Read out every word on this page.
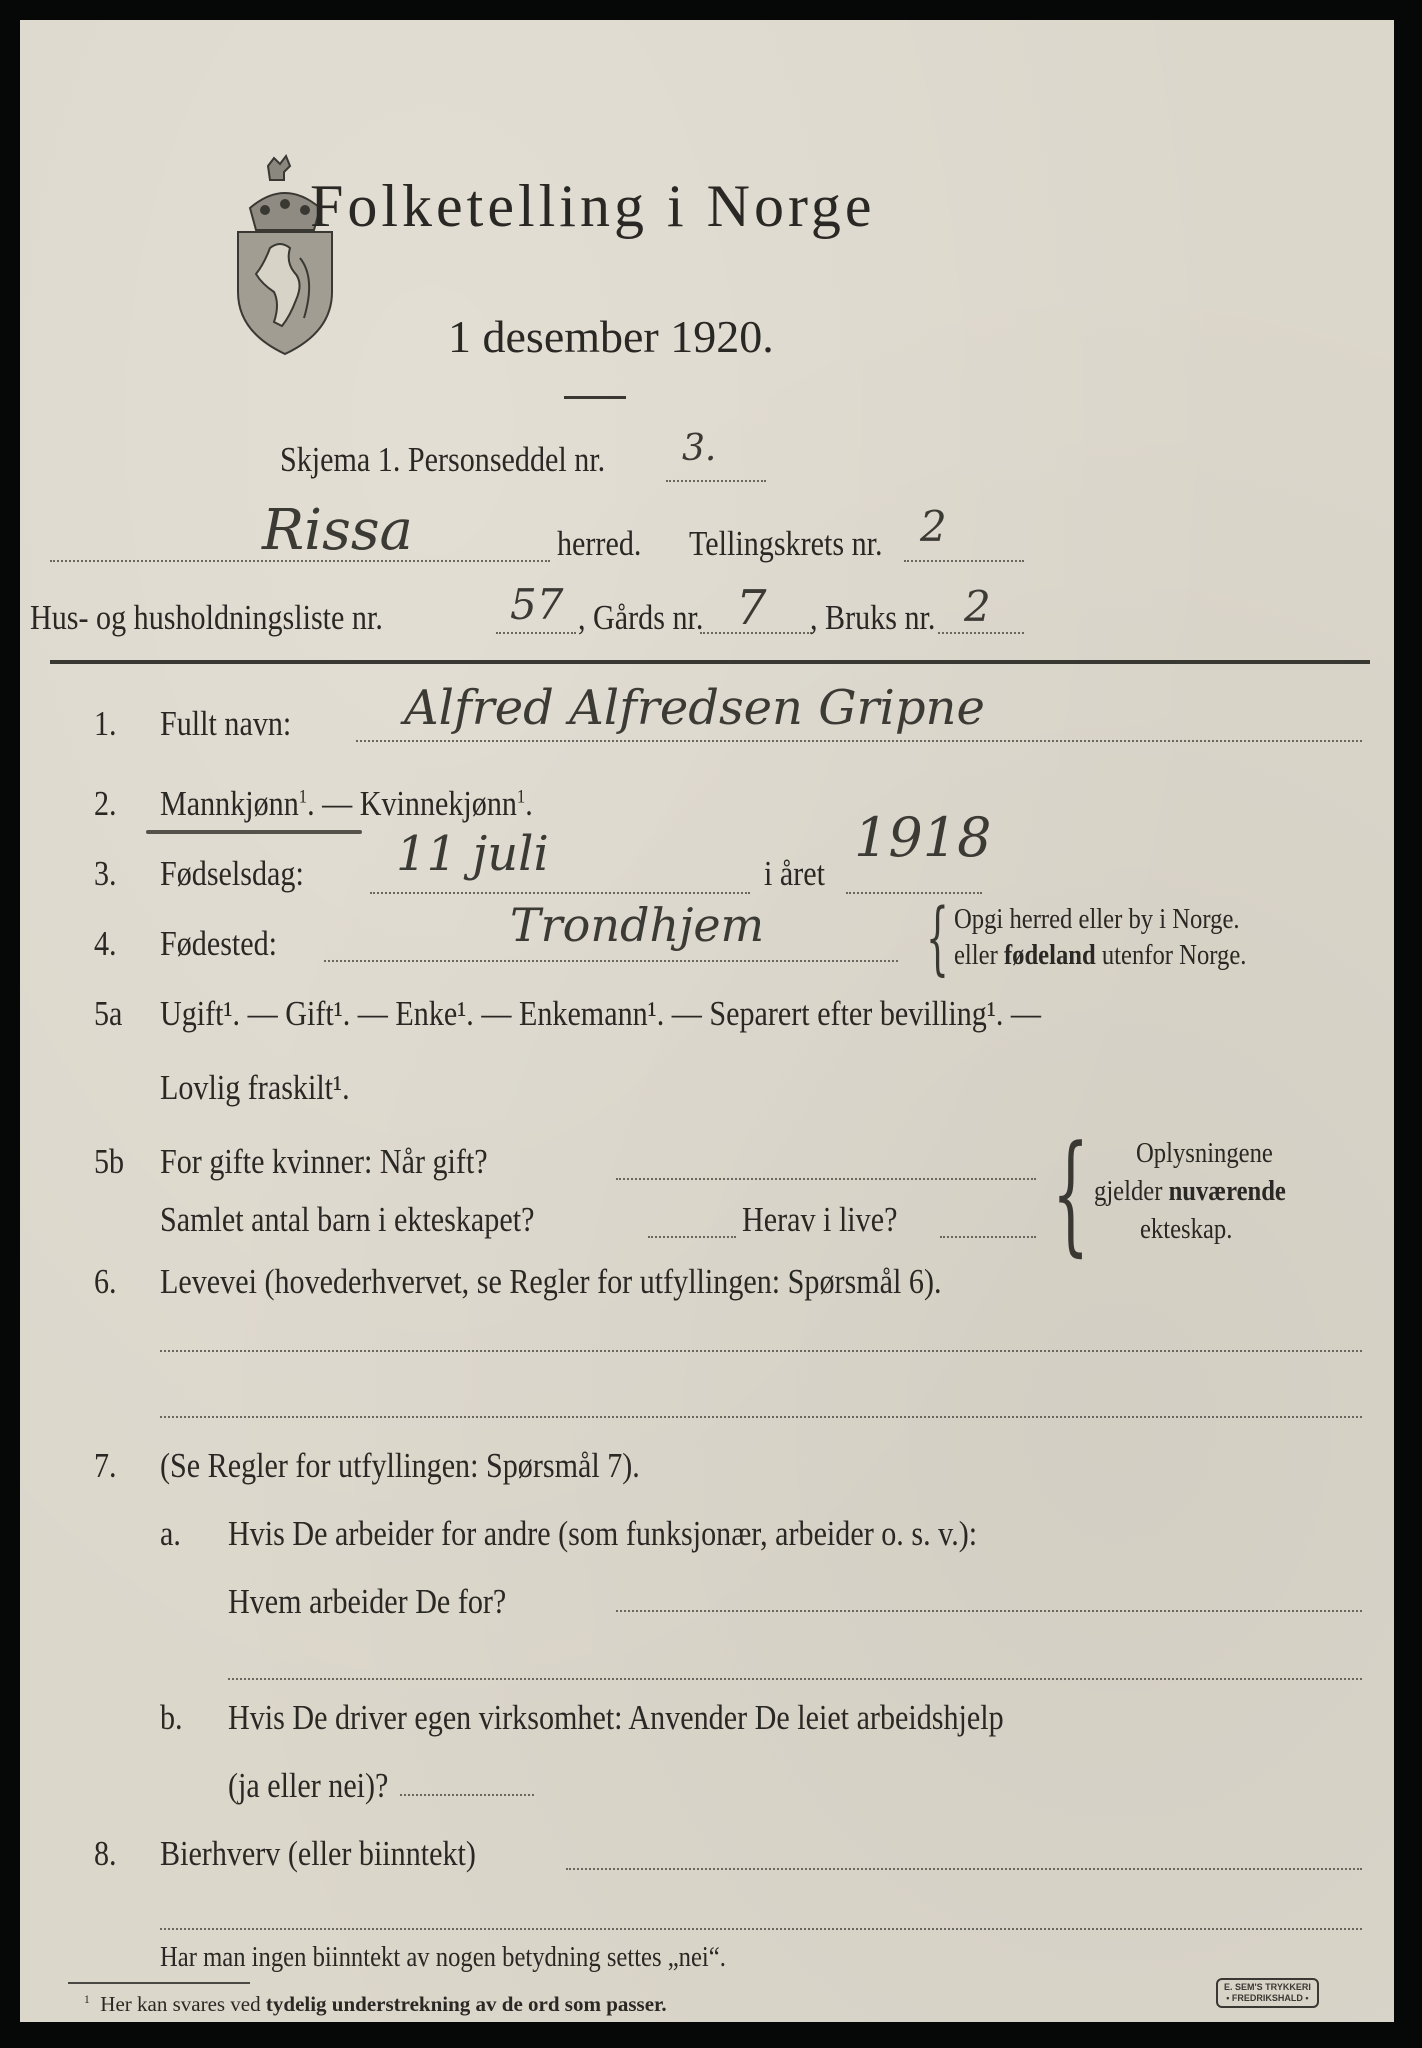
Folketelling i Norge
1 desember 1920.
Skjema 1. Personseddel nr. 3.
Rissa	herred. Tellingskrets nr. 2
Hus- og husholdningsliste nr.	57 , Gårds nr. 7 , Bruks nr. 2
1. Fullt navn: Alfred Alfredsen Gripne
2. Mannkjønn$^1$. — Kvinnekjønn$^1$.
3. Fødselsdag: 11 juli	i året
1918
4. Fødested:	Trondhjem { Opgi herred eller by i Norge.
eller fødeland utenfor Norge.
5a Ugift¹. — Gift¹. — Enke¹. — Enkemann¹. — Separert efter bevilling¹. —
Lovlig fraskilt¹.
5b For gifte kvinner: Når gift?
Samlet antal barn i ekteskapet?	Herav i live? { Oplysningene
gjelder nuværende
ekteskap.
6. Levevei (hovederhvervet, se Regler for utfyllingen: Spørsmål 6).
7. (Se Regler for utfyllingen: Spørsmål 7).
a. Hvis De arbeider for andre (som funksjonær, arbeider o. s. v.):
Hvem arbeider De for?
b. Hvis De driver egen virksomhet: Anvender De leiet arbeidshjelp
(ja eller nei)?
8. Bierhverv (eller biinntekt)
Har man ingen biinntekt av nogen betydning settes „nei“.
$^1$ Her kan svares ved tydelig understrekning av de ord som passer.
E. SEM'S TRYKKERI
• FREDRIKSHALD •
